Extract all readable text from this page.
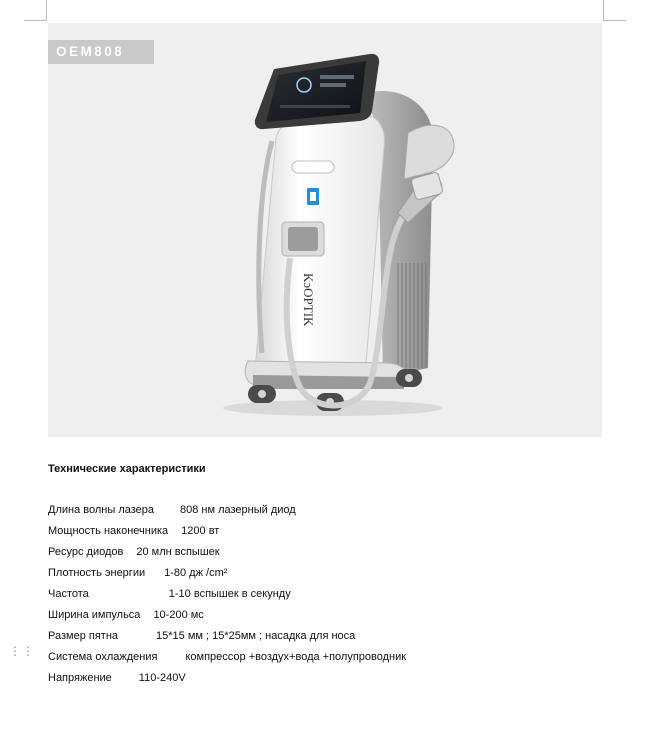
OEM808
KɔOPTIK
Технические характеристики
Длина волны лазера 808 нм лазерный диод
Мощность наконечника 1200 вт
Ресурс диодов 20 млн вспышек
Плотность энергии 1-80 дж /cm²
Частота	1-10 вспышек в секунду
Ширина импульса 10-200 мс
Размер пятна	15*15 мм ; 15*25мм ; насадка для носа
Система охлаждения	компрессор +воздух+вода +полупроводник
Напряжение 110-240V
⋮⋮
